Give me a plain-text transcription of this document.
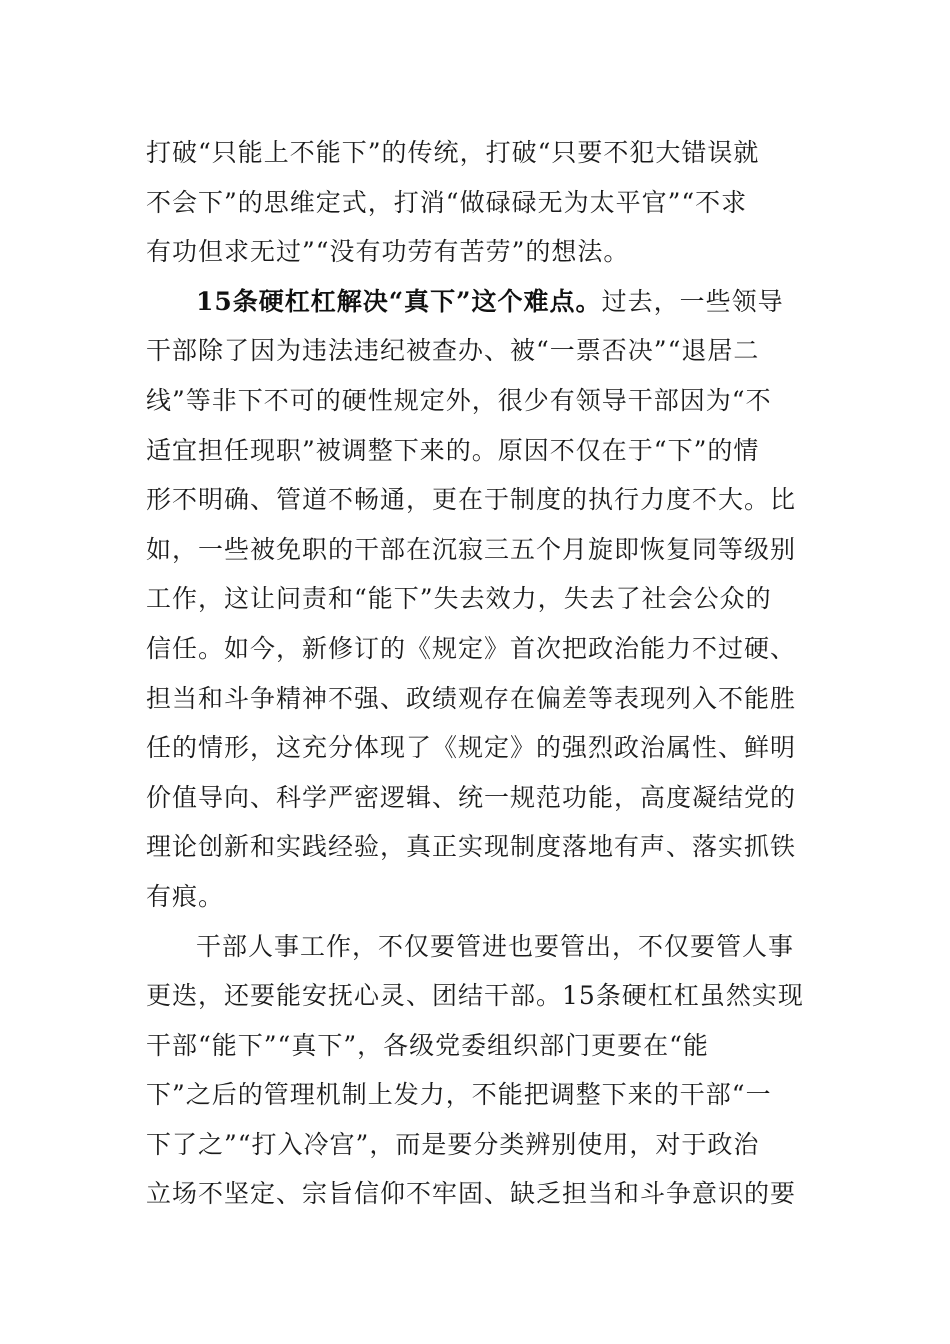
打破“只能上不能下”的传统，打破“只要不犯大错误就
不会下”的思维定式，打消“做碌碌无为太平官”“不求
有功但求无过”“没有功劳有苦劳”的想法。
15条硬杠杠解决“真下”这个难点。过去，一些领导
干部除了因为违法违纪被查办、被“一票否决”“退居二
线”等非下不可的硬性规定外，很少有领导干部因为“不
适宜担任现职”被调整下来的。原因不仅在于“下”的情
形不明确、管道不畅通，更在于制度的执行力度不大。比
如，一些被免职的干部在沉寂三五个月旋即恢复同等级别
工作，这让问责和“能下”失去效力，失去了社会公众的
信任。如今，新修订的《规定》首次把政治能力不过硬、
担当和斗争精神不强、政绩观存在偏差等表现列入不能胜
任的情形，这充分体现了《规定》的强烈政治属性、鲜明
价值导向、科学严密逻辑、统一规范功能，高度凝结党的
理论创新和实践经验，真正实现制度落地有声、落实抓铁
有痕。
干部人事工作，不仅要管进也要管出，不仅要管人事
更迭，还要能安抚心灵、团结干部。15条硬杠杠虽然实现
干部“能下”“真下”，各级党委组织部门更要在“能
下”之后的管理机制上发力，不能把调整下来的干部“一
下了之”“打入冷宫”，而是要分类辨别使用，对于政治
立场不坚定、宗旨信仰不牢固、缺乏担当和斗争意识的要
